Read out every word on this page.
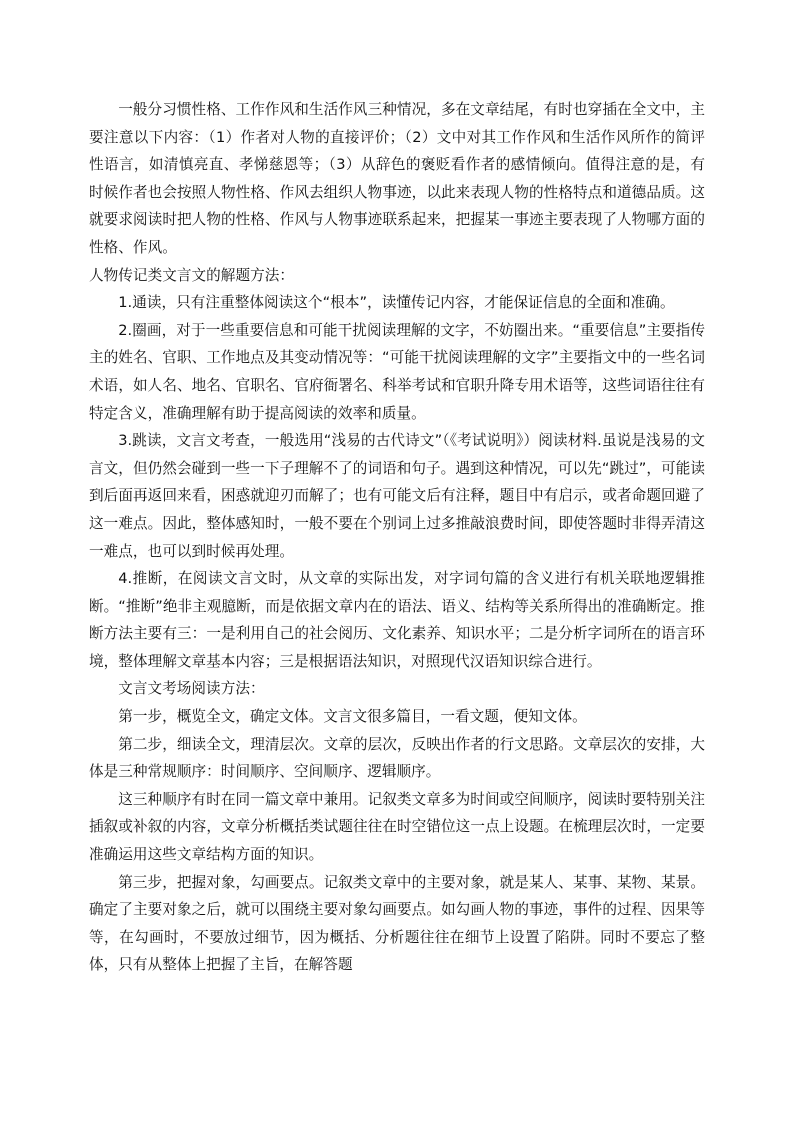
一般分习惯性格、工作作风和生活作风三种情况，多在文章结尾，有时也穿插在全文中，主要注意以下内容：（1）作者对人物的直接评价；（2）文中对其工作作风和生活作风所作的简评性语言，如清慎亮直、孝悌慈恩等；（3）从辞色的褒贬看作者的感情倾向。值得注意的是，有时候作者也会按照人物性格、作风去组织人物事迹，以此来表现人物的性格特点和道德品质。这就要求阅读时把人物的性格、作风与人物事迹联系起来，把握某一事迹主要表现了人物哪方面的性格、作风。

人物传记类文言文的解题方法：

1.通读，只有注重整体阅读这个“根本”，读懂传记内容，才能保证信息的全面和准确。

2.圈画，对于一些重要信息和可能干扰阅读理解的文字，不妨圈出来。“重要信息”主要指传主的姓名、官职、工作地点及其变动情况等：“可能干扰阅读理解的文字”主要指文中的一些名词术语，如人名、地名、官职名、官府衙署名、科举考试和官职升降专用术语等，这些词语往往有特定含义，准确理解有助于提高阅读的效率和质量。

3.跳读，文言文考查，一般选用“浅易的古代诗文”（《考试说明》）阅读材料.虽说是浅易的文言文，但仍然会碰到一些一下子理解不了的词语和句子。遇到这种情况，可以先“跳过”，可能读到后面再返回来看，困惑就迎刃而解了；也有可能文后有注释，题目中有启示，或者命题回避了这一难点。因此，整体感知时，一般不要在个别词上过多推敲浪费时间，即使答题时非得弄清这一难点，也可以到时候再处理。

4.推断，在阅读文言文时，从文章的实际出发，对字词句篇的含义进行有机关联地逻辑推断。“推断”绝非主观臆断，而是依据文章内在的语法、语义、结构等关系所得出的准确断定。推断方法主要有三：一是利用自己的社会阅历、文化素养、知识水平；二是分析字词所在的语言环境，整体理解文章基本内容；三是根据语法知识，对照现代汉语知识综合进行。

文言文考场阅读方法：

第一步，概览全文，确定文体。文言文很多篇目，一看文题，便知文体。

第二步，细读全文，理清层次。文章的层次，反映出作者的行文思路。文章层次的安排，大体是三种常规顺序：时间顺序、空间顺序、逻辑顺序。

这三种顺序有时在同一篇文章中兼用。记叙类文章多为时间或空间顺序，阅读时要特别关注插叙或补叙的内容，文章分析概括类试题往往在时空错位这一点上设题。在梳理层次时，一定要准确运用这些文章结构方面的知识。

第三步，把握对象，勾画要点。记叙类文章中的主要对象，就是某人、某事、某物、某景。确定了主要对象之后，就可以围绕主要对象勾画要点。如勾画人物的事迹，事件的过程、因果等等，在勾画时，不要放过细节，因为概括、分析题往往在细节上设置了陷阱。同时不要忘了整体，只有从整体上把握了主旨，在解答题
